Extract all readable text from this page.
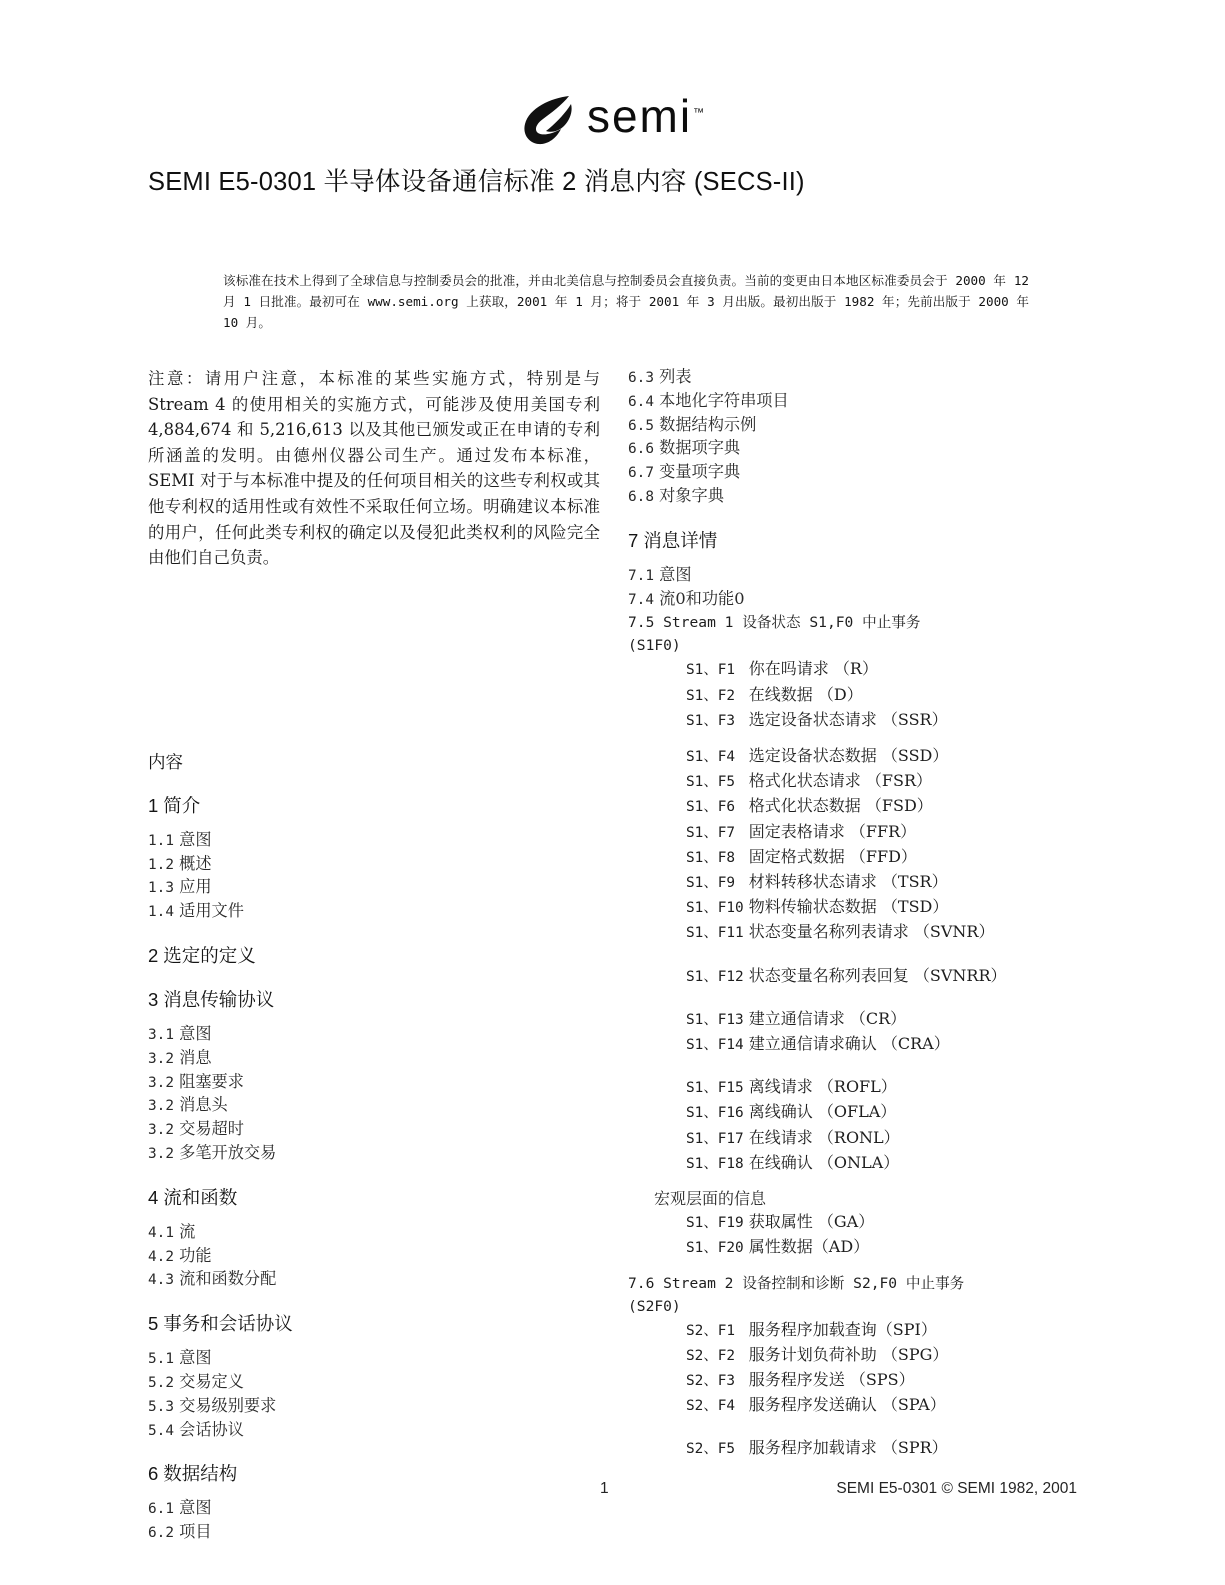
semi™
SEMI E5-0301 半导体设备通信标准 2 消息内容 (SECS-II)
该标准在技术上得到了全球信息与控制委员会的批准，并由北美信息与控制委员会直接负责。当前的变更由日本地区标准委员会于 2000 年 12 月 1 日批准。最初可在 www.semi.org 上获取，2001 年 1 月；将于 2001 年 3 月出版。最初出版于 1982 年；先前出版于 2000 年 10 月。

注意：请用户注意，本标准的某些实施方式，特别是与 Stream 4 的使用相关的实施方式，可能涉及使用美国专利 4,884,674 和 5,216,613 以及其他已颁发或正在申请的专利所涵盖的发明。由德州仪器公司生产。通过发布本标准，SEMI 对于与本标准中提及的任何项目相关的这些专利权或其他专利权的适用性或有效性不采取任何立场。明确建议本标准的用户，任何此类专利权的确定以及侵犯此类权利的风险完全由他们自己负责。

内容

1 简介

1.1 意图

1.2 概述

1.3 应用

1.4 适用文件

2 选定的定义

3 消息传输协议

3.1 意图

3.2 消息

3.2 阻塞要求

3.2 消息头

3.2 交易超时

3.2 多笔开放交易

4 流和函数

4.1 流

4.2 功能

4.3 流和函数分配

5 事务和会话协议

5.1 意图

5.2 交易定义

5.3 交易级别要求

5.4 会话协议

6 数据结构

6.1 意图

6.2 项目

6.3 列表

6.4 本地化字符串项目

6.5 数据结构示例

6.6 数据项字典

6.7 变量项字典

6.8 对象字典

7 消息详情

7.1 意图

7.4 流0和功能0

7.5 Stream 1 设备状态 S1,F0 中止事务

(S1F0)

S1、F1  你在吗请求 （R）

S1、F2  在线数据 （D）

S1、F3  选定设备状态请求 （SSR）

S1、F4  选定设备状态数据 （SSD）

S1、F5  格式化状态请求 （FSR）

S1、F6  格式化状态数据 （FSD）

S1、F7  固定表格请求 （FFR）

S1、F8  固定格式数据 （FFD）

S1、F9  材料转移状态请求 （TSR）

S1、F10 物料传输状态数据 （TSD）

S1、F11 状态变量名称列表请求 （SVNR）

S1、F12 状态变量名称列表回复 （SVNRR）

S1、F13 建立通信请求 （CR）

S1、F14 建立通信请求确认 （CRA）

S1、F15 离线请求 （ROFL）

S1、F16 离线确认 （OFLA）

S1、F17 在线请求 （RONL）

S1、F18 在线确认 （ONLA）

宏观层面的信息

S1、F19 获取属性 （GA）

S1、F20 属性数据（AD）

7.6 Stream 2 设备控制和诊断 S2,F0 中止事务

(S2F0)

S2、F1  服务程序加载查询（SPI）

S2、F2  服务计划负荷补助 （SPG）

S2、F3  服务程序发送 （SPS）

S2、F4  服务程序发送确认 （SPA）

S2、F5  服务程序加载请求 （SPR）

1	SEMI E5-0301 © SEMI 1982, 2001
